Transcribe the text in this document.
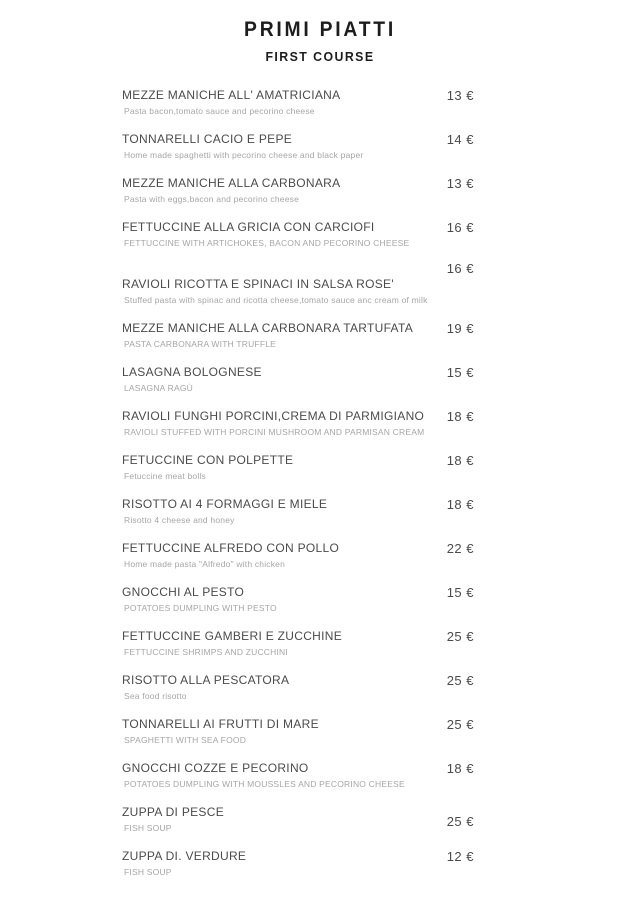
PRIMI PIATTI
FIRST COURSE
MEZZE MANICHE ALL' AMATRICIANA
Pasta bacon,tomato sauce and pecorino cheese
13 €
TONNARELLI CACIO E PEPE
Home made spaghetti with pecorino cheese and black paper
14 €
MEZZE MANICHE ALLA CARBONARA
Pasta with eggs,bacon and pecorino cheese
13 €
FETTUCCINE ALLA GRICIA CON CARCIOFI
FETTUCCINE WITH ARTICHOKES, BACON AND PECORINO CHEESE
16 €
RAVIOLI RICOTTA E SPINACI IN SALSA ROSE'
Stuffed pasta with spinac and ricotta cheese,tomato sauce anc cream of milk
16 €
MEZZE MANICHE ALLA CARBONARA TARTUFATA
PASTA CARBONARA WITH TRUFFLE
19 €
LASAGNA BOLOGNESE
LASAGNA RAGÙ
15 €
RAVIOLI FUNGHI PORCINI,CREMA DI PARMIGIANO
RAVIOLI STUFFED WITH PORCINI MUSHROOM AND PARMISAN CREAM
18 €
FETUCCINE CON POLPETTE
Fetuccine meat bolls
18 €
RISOTTO AI 4 FORMAGGI E MIELE
Risotto 4 cheese and honey
18 €
FETTUCCINE ALFREDO CON POLLO
Home made pasta "Alfredo" with chicken
22 €
GNOCCHI AL PESTO
POTATOES DUMPLING WITH PESTO
15 €
FETTUCCINE GAMBERI E ZUCCHINE
FETTUCCINE SHRIMPS AND ZUCCHINI
25 €
RISOTTO ALLA PESCATORA
Sea food risotto
25 €
TONNARELLI AI FRUTTI DI MARE
SPAGHETTI WITH SEA FOOD
25 €
GNOCCHI COZZE E PECORINO
POTATOES DUMPLING WITH MOUSSLES AND PECORINO CHEESE
18 €
ZUPPA DI PESCE
FISH SOUP	25 €
ZUPPA DI. VERDURE
FISH SOUP
12 €
